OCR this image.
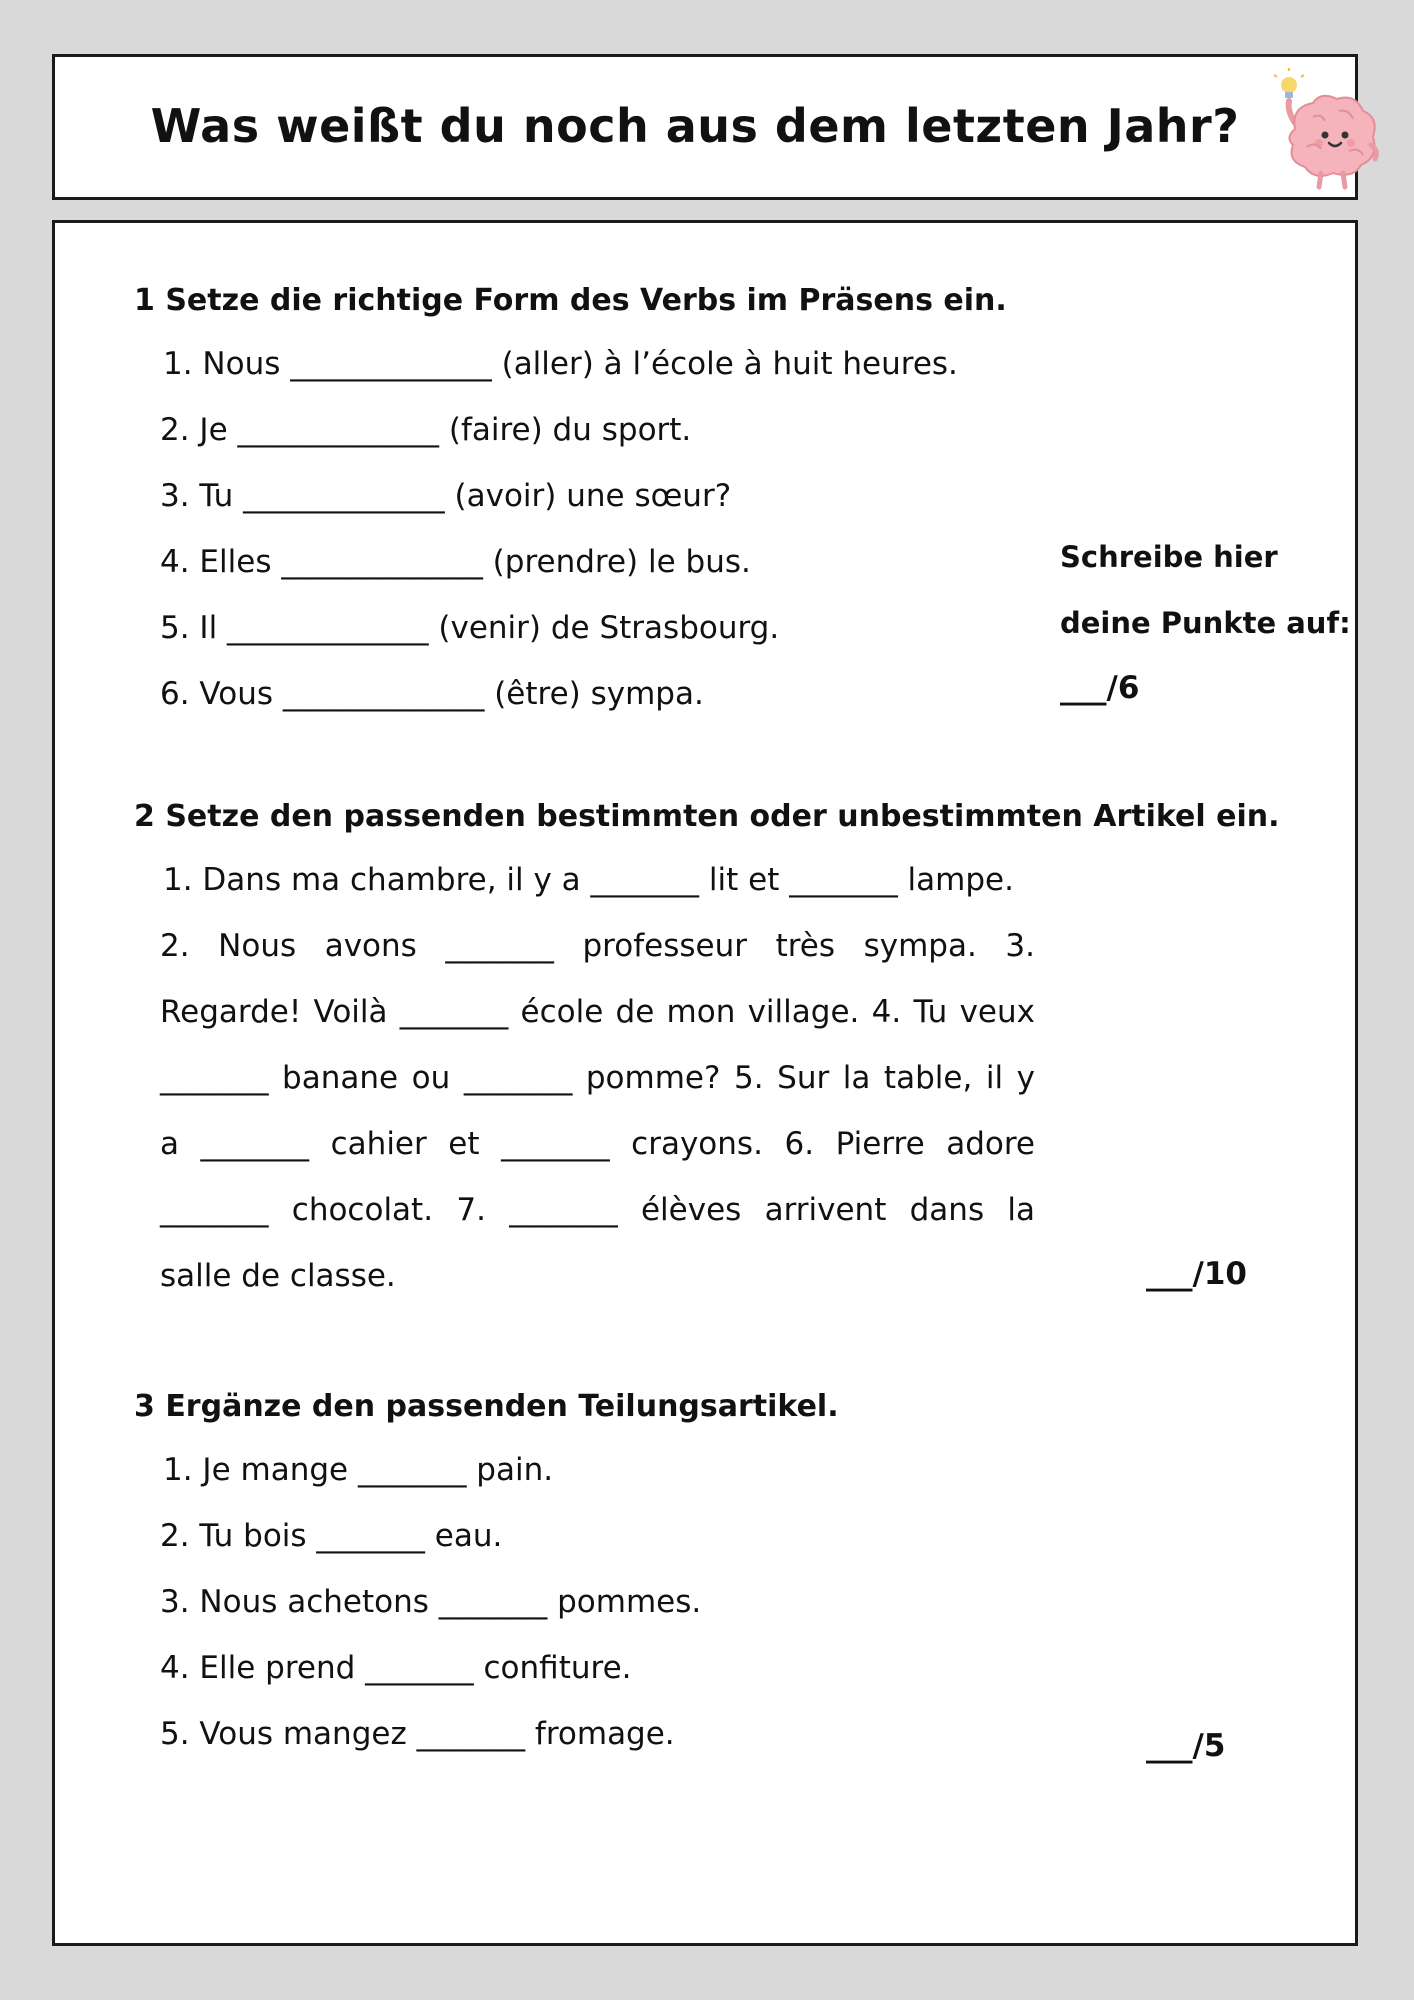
Was weißt du noch aus dem letzten Jahr?
1 Setze die richtige Form des Verbs im Präsens ein.
1. Nous _____________ (aller) à l’école à huit heures.
2. Je _____________ (faire) du sport.
3. Tu _____________ (avoir) une sœur?
4. Elles _____________ (prendre) le bus.
5. Il _____________ (venir) de Strasbourg.
6. Vous _____________ (être) sympa.
Schreibe hier
deine Punkte auf:
___/6
2 Setze den passenden bestimmten oder unbestimmten Artikel ein.
1. Dans ma chambre, il y a _______ lit et _______ lampe.
2. Nous avons _______ professeur très sympa. 3.
Regarde! Voilà _______ école de mon village. 4. Tu veux
_______ banane ou _______ pomme? 5. Sur la table, il y
a _______ cahier et _______ crayons. 6. Pierre adore
_______ chocolat. 7. _______ élèves arrivent dans la
salle de classe.	___/10
3 Ergänze den passenden Teilungsartikel.
1. Je mange _______ pain.
2. Tu bois _______ eau.
3. Nous achetons _______ pommes.
4. Elle prend _______ confiture.
5. Vous mangez _______ fromage.	___/5
